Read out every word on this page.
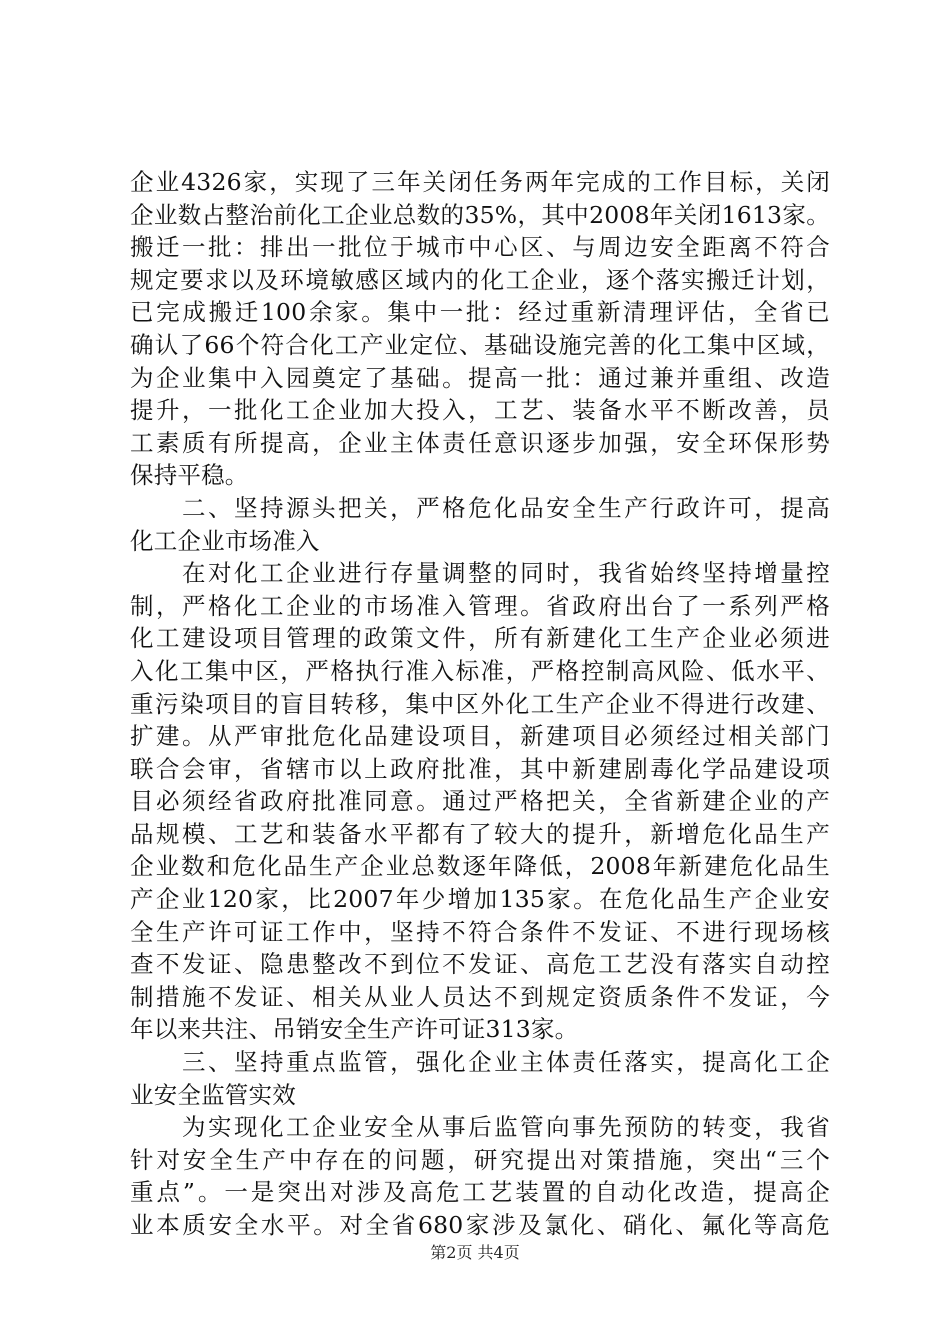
企业4326家，实现了三年关闭任务两年完成的工作目标，关闭
企业数占整治前化工企业总数的35%，其中2008年关闭1613家。
搬迁一批：排出一批位于城市中心区、与周边安全距离不符合
规定要求以及环境敏感区域内的化工企业，逐个落实搬迁计划，
已完成搬迁100余家。集中一批：经过重新清理评估，全省已
确认了66个符合化工产业定位、基础设施完善的化工集中区域，
为企业集中入园奠定了基础。提高一批：通过兼并重组、改造
提升，一批化工企业加大投入，工艺、装备水平不断改善，员
工素质有所提高，企业主体责任意识逐步加强，安全环保形势
保持平稳。
　　二、坚持源头把关，严格危化品安全生产行政许可，提高
化工企业市场准入
　　在对化工企业进行存量调整的同时，我省始终坚持增量控
制，严格化工企业的市场准入管理。省政府出台了一系列严格
化工建设项目管理的政策文件，所有新建化工生产企业必须进
入化工集中区，严格执行准入标准，严格控制高风险、低水平、
重污染项目的盲目转移，集中区外化工生产企业不得进行改建、
扩建。从严审批危化品建设项目，新建项目必须经过相关部门
联合会审，省辖市以上政府批准，其中新建剧毒化学品建设项
目必须经省政府批准同意。通过严格把关，全省新建企业的产
品规模、工艺和装备水平都有了较大的提升，新增危化品生产
企业数和危化品生产企业总数逐年降低，2008年新建危化品生
产企业120家，比2007年少增加135家。在危化品生产企业安
全生产许可证工作中，坚持不符合条件不发证、不进行现场核
查不发证、隐患整改不到位不发证、高危工艺没有落实自动控
制措施不发证、相关从业人员达不到规定资质条件不发证，今
年以来共注、吊销安全生产许可证313家。
　　三、坚持重点监管，强化企业主体责任落实，提高化工企
业安全监管实效
　　为实现化工企业安全从事后监管向事先预防的转变，我省
针对安全生产中存在的问题，研究提出对策措施，突出“三个
重点”。一是突出对涉及高危工艺装置的自动化改造，提高企
业本质安全水平。对全省680家涉及氯化、硝化、氟化等高危
第2页 共4页
